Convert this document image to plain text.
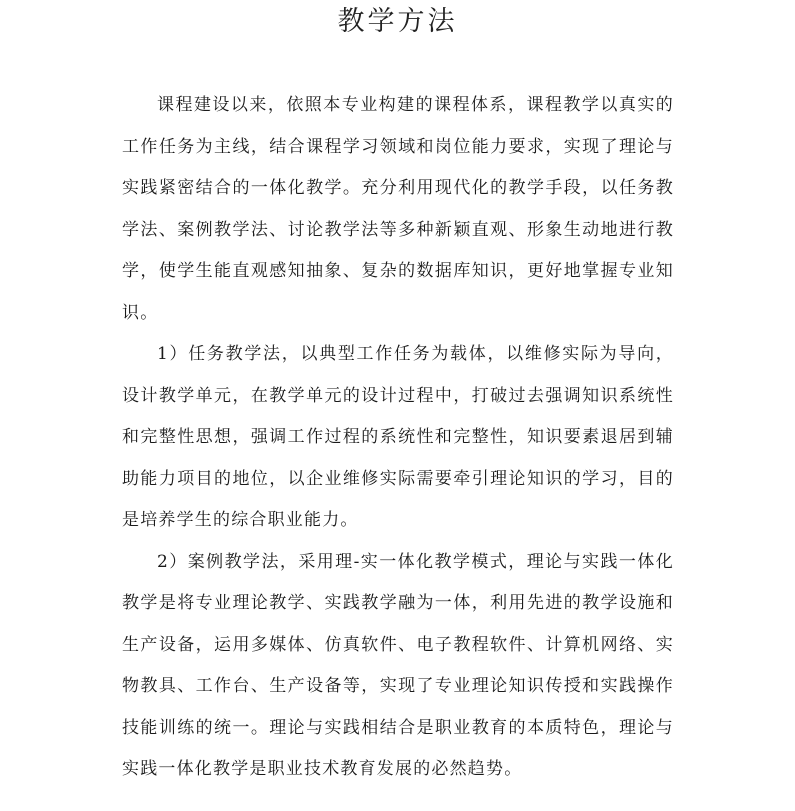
教学方法

课程建设以来，依照本专业构建的课程体系，课程教学以真实的工作任务为主线，结合课程学习领域和岗位能力要求，实现了理论与实践紧密结合的一体化教学。充分利用现代化的教学手段，以任务教学法、案例教学法、讨论教学法等多种新颖直观、形象生动地进行教学，使学生能直观感知抽象、复杂的数据库知识，更好地掌握专业知识。

1）任务教学法，以典型工作任务为载体，以维修实际为导向，设计教学单元，在教学单元的设计过程中，打破过去强调知识系统性和完整性思想，强调工作过程的系统性和完整性，知识要素退居到辅助能力项目的地位，以企业维修实际需要牵引理论知识的学习，目的是培养学生的综合职业能力。

2）案例教学法，采用理-实一体化教学模式，理论与实践一体化教学是将专业理论教学、实践教学融为一体，利用先进的教学设施和生产设备，运用多媒体、仿真软件、电子教程软件、计算机网络、实物教具、工作台、生产设备等，实现了专业理论知识传授和实践操作技能训练的统一。理论与实践相结合是职业教育的本质特色，理论与实践一体化教学是职业技术教育发展的必然趋势。
